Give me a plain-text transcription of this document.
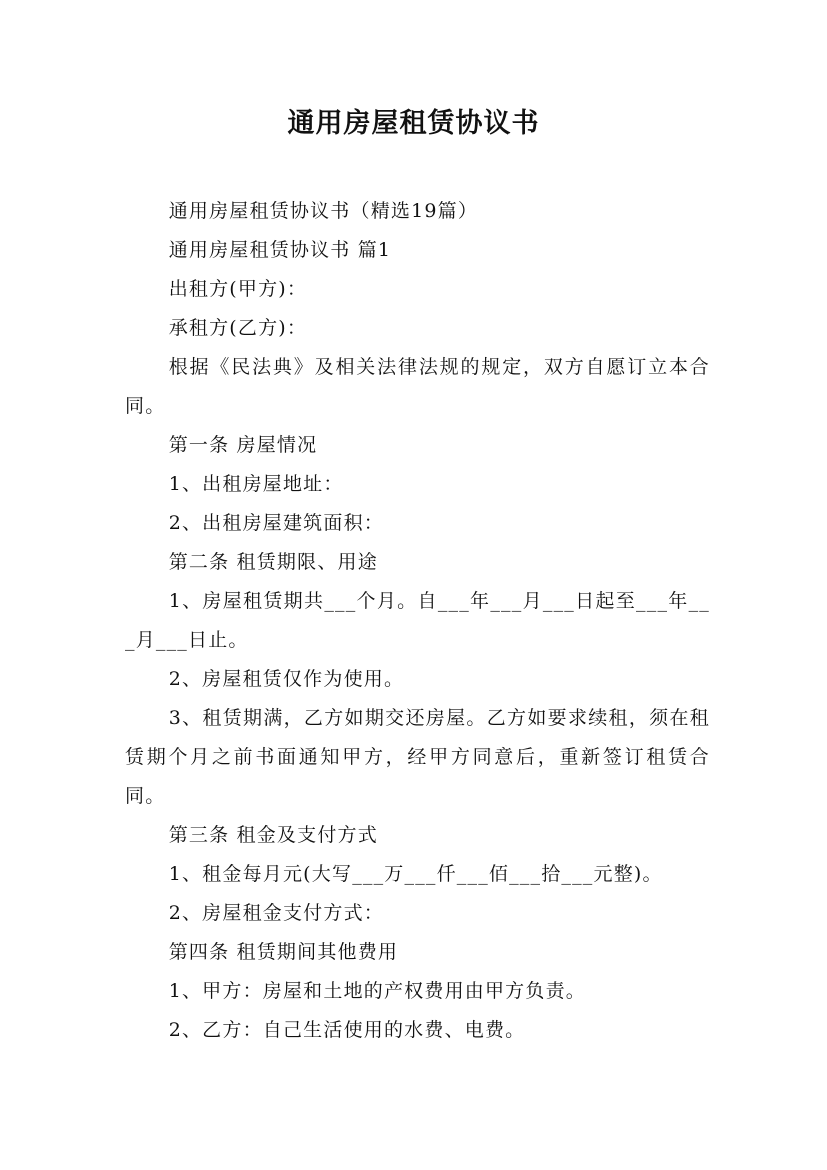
通用房屋租赁协议书

通用房屋租赁协议书（精选19篇）

通用房屋租赁协议书 篇1

出租方(甲方)：

承租方(乙方)：

根据《民法典》及相关法律法规的规定，双方自愿订立本合同。

第一条 房屋情况

1、出租房屋地址：

2、出租房屋建筑面积：

第二条 租赁期限、用途

1、房屋租赁期共___个月。自___年___月___日起至___年___月___日止。

2、房屋租赁仅作为使用。

3、租赁期满，乙方如期交还房屋。乙方如要求续租，须在租赁期个月之前书面通知甲方，经甲方同意后，重新签订租赁合同。

第三条 租金及支付方式

1、租金每月元(大写___万___仟___佰___拾___元整)。

2、房屋租金支付方式：

第四条 租赁期间其他费用

1、甲方：房屋和土地的产权费用由甲方负责。

2、乙方：自己生活使用的水费、电费。
